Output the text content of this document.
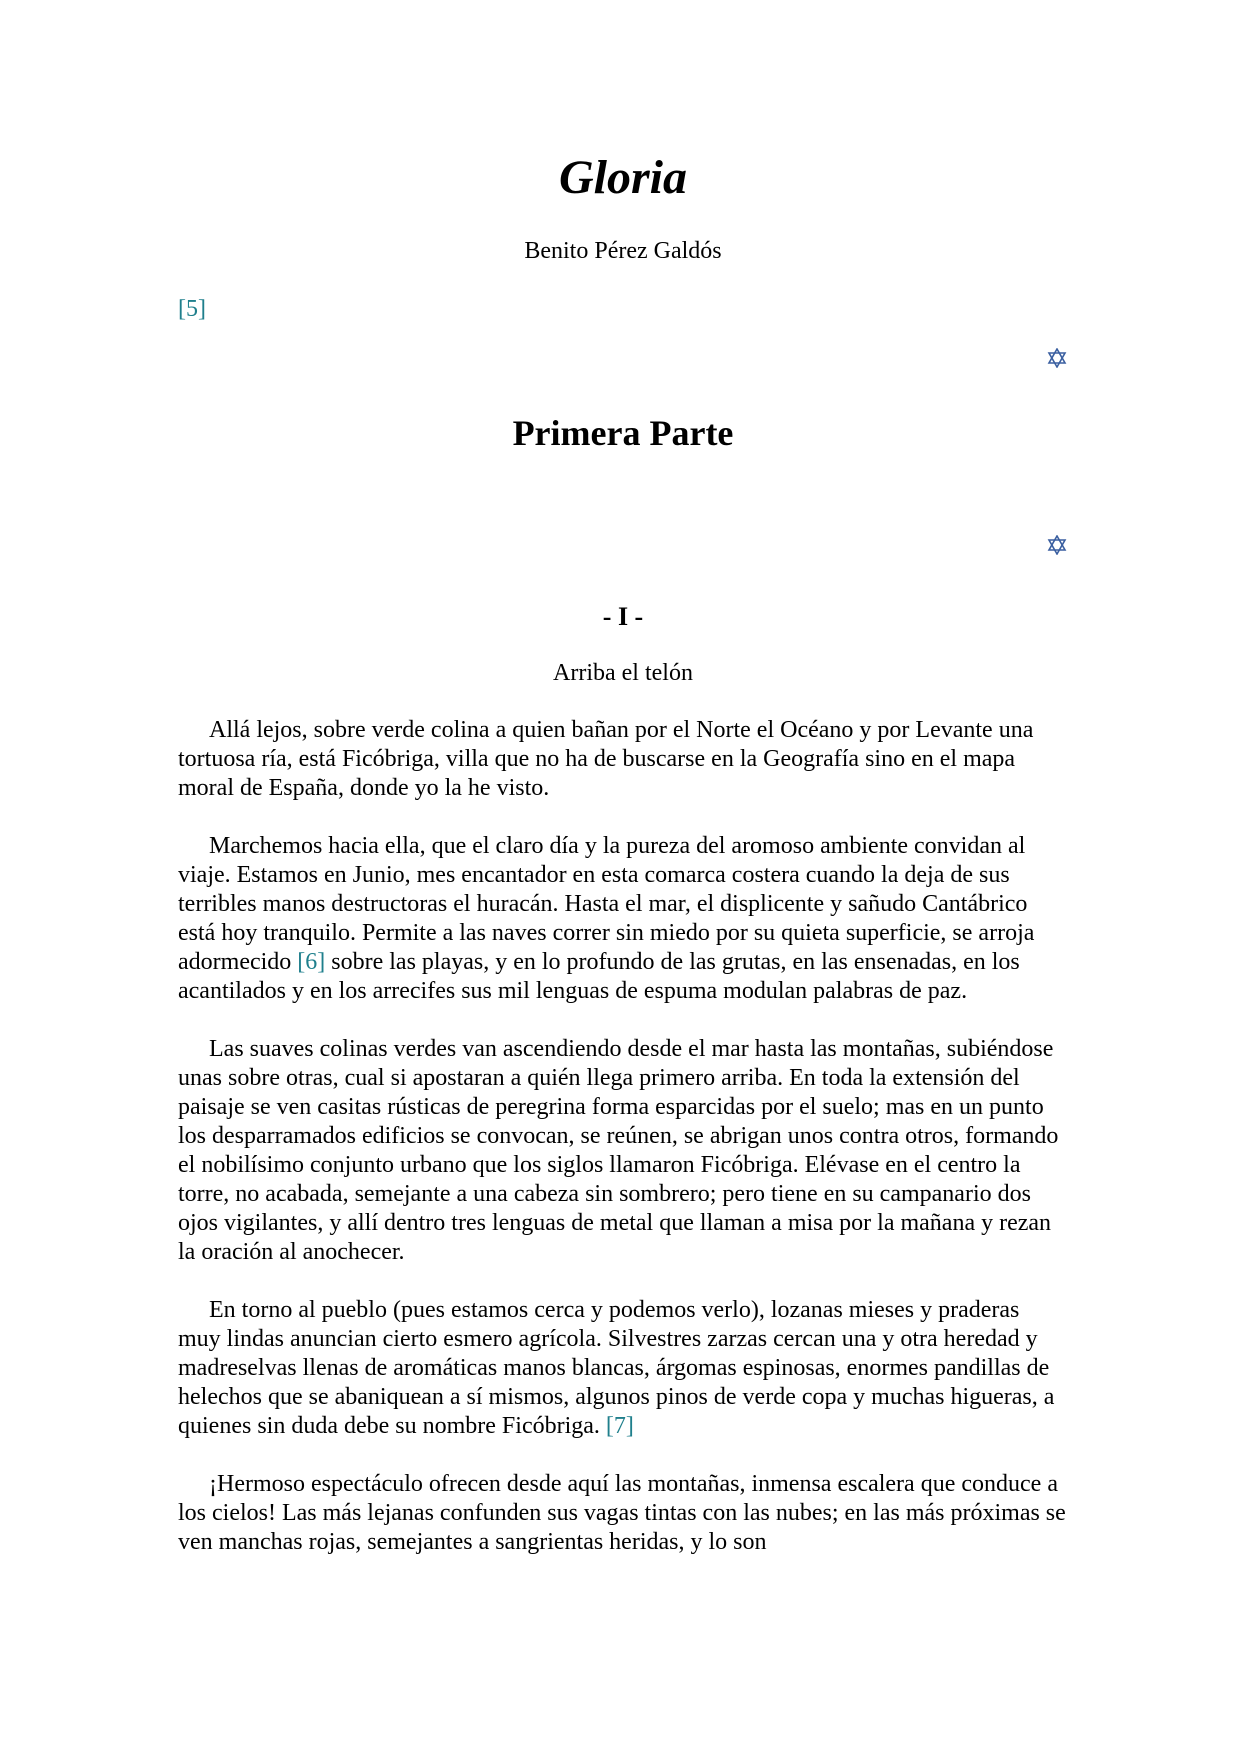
Gloria
Benito Pérez Galdós
[5]
Primera Parte
- I -
Arriba el telón

Allá lejos, sobre verde colina a quien bañan por el Norte el Océano y por Levante una tortuosa ría, está Ficóbriga, villa que no ha de buscarse en la Geografía sino en el mapa moral de España, donde yo la he visto.

Marchemos hacia ella, que el claro día y la pureza del aromoso ambiente convidan al viaje. Estamos en Junio, mes encantador en esta comarca costera cuando la deja de sus terribles manos destructoras el huracán. Hasta el mar, el displicente y sañudo Cantábrico está hoy tranquilo. Permite a las naves correr sin miedo por su quieta superficie, se arroja adormecido [6] sobre las playas, y en lo profundo de las grutas, en las ensenadas, en los acantilados y en los arrecifes sus mil lenguas de espuma modulan palabras de paz.

Las suaves colinas verdes van ascendiendo desde el mar hasta las montañas, subiéndose unas sobre otras, cual si apostaran a quién llega primero arriba. En toda la extensión del paisaje se ven casitas rústicas de peregrina forma esparcidas por el suelo; mas en un punto los desparramados edificios se convocan, se reúnen, se abrigan unos contra otros, formando el nobilísimo conjunto urbano que los siglos llamaron Ficóbriga. Elévase en el centro la torre, no acabada, semejante a una cabeza sin sombrero; pero tiene en su campanario dos ojos vigilantes, y allí dentro tres lenguas de metal que llaman a misa por la mañana y rezan la oración al anochecer.

En torno al pueblo (pues estamos cerca y podemos verlo), lozanas mieses y praderas muy lindas anuncian cierto esmero agrícola. Silvestres zarzas cercan una y otra heredad y madreselvas llenas de aromáticas manos blancas, árgomas espinosas, enormes pandillas de helechos que se abaniquean a sí mismos, algunos pinos de verde copa y muchas higueras, a quienes sin duda debe su nombre Ficóbriga. [7]

¡Hermoso espectáculo ofrecen desde aquí las montañas, inmensa escalera que conduce a los cielos! Las más lejanas confunden sus vagas tintas con las nubes; en las más próximas se ven manchas rojas, semejantes a sangrientas heridas, y lo son
